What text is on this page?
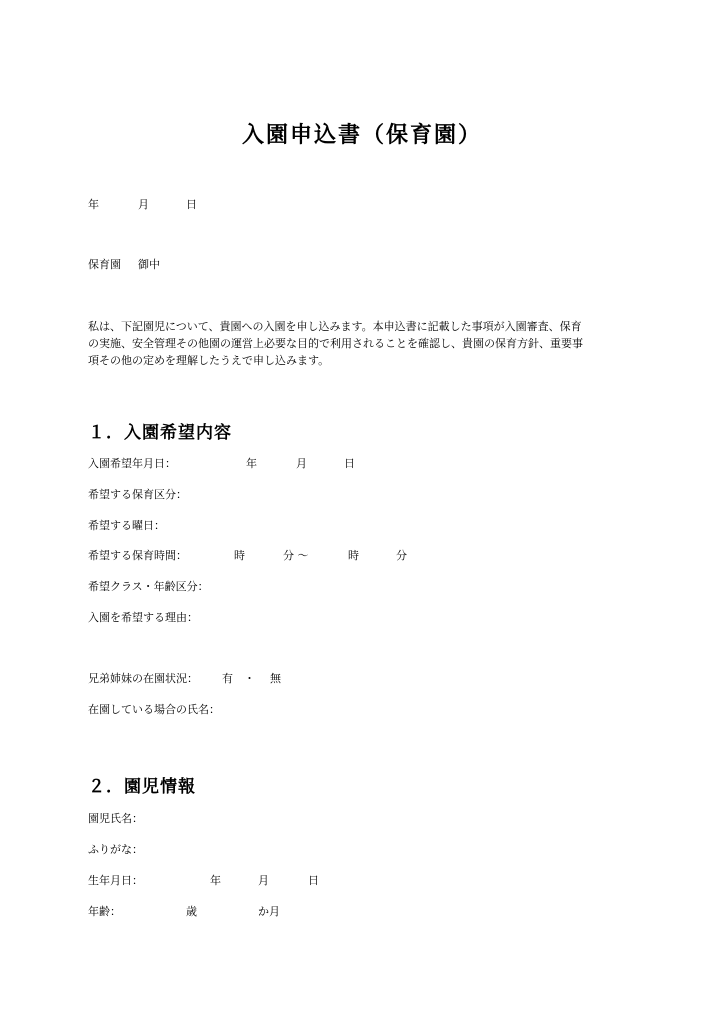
入園申込書（保育園）
年	月	日
保育園 御中
私は、下記園児について、貴園への入園を申し込みます。本申込書に記載した事項が入園審査、保育
の実施、安全管理その他園の運営上必要な目的で利用されることを確認し、貴園の保育方針、重要事
項その他の定めを理解したうえで申し込みます。
１．入園希望内容
入園希望年月日：	年	月	日
希望する保育区分：
希望する曜日：
希望する保育時間：	時	分 ～	時	分
希望クラス・年齢区分：
入園を希望する理由：
兄弟姉妹の在園状況： 有 ・ 無
在園している場合の氏名：
２．園児情報
園児氏名：
ふりがな：
生年月日：	年	月	日
年齢：	歳	か月
